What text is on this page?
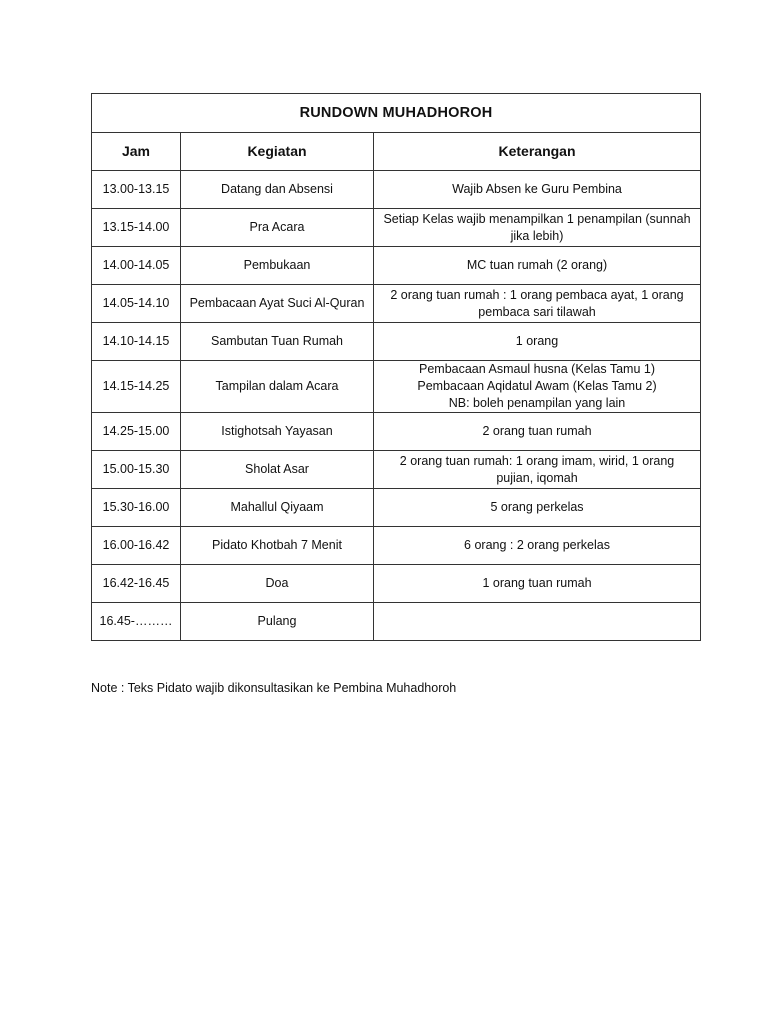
RUNDOWN MUHADHOROH		
Jam	Kegiatan	Keterangan
13.00-13.15	Datang dan Absensi	Wajib Absen ke Guru Pembina

13.15-14.00	Pra Acara	Setiap Kelas wajib menampilkan 1 penampilan (sunnah
jika lebih)

14.00-14.05	Pembukaan	MC tuan rumah (2 orang)

14.05-14.10	Pembacaan Ayat Suci Al-Quran	2 orang tuan rumah : 1 orang pembaca ayat, 1 orang
pembaca sari tilawah

14.10-14.15	Sambutan Tuan Rumah	1 orang

14.15-14.25	Tampilan dalam Acara	Pembacaan Asmaul husna (Kelas Tamu 1)
Pembacaan Aqidatul Awam (Kelas Tamu 2)
NB: boleh penampilan yang lain

14.25-15.00	Istighotsah Yayasan	2 orang tuan rumah

15.00-15.30	Sholat Asar	2 orang tuan rumah: 1 orang imam, wirid, 1 orang
pujian, iqomah

15.30-16.00	Mahallul Qiyaam	5 orang perkelas

16.00-16.42	Pidato Khotbah 7 Menit	6 orang : 2 orang perkelas

16.42-16.45	Doa	1 orang tuan rumah

16.45-………	Pulang	
Note : Teks Pidato wajib dikonsultasikan ke Pembina Muhadhoroh
